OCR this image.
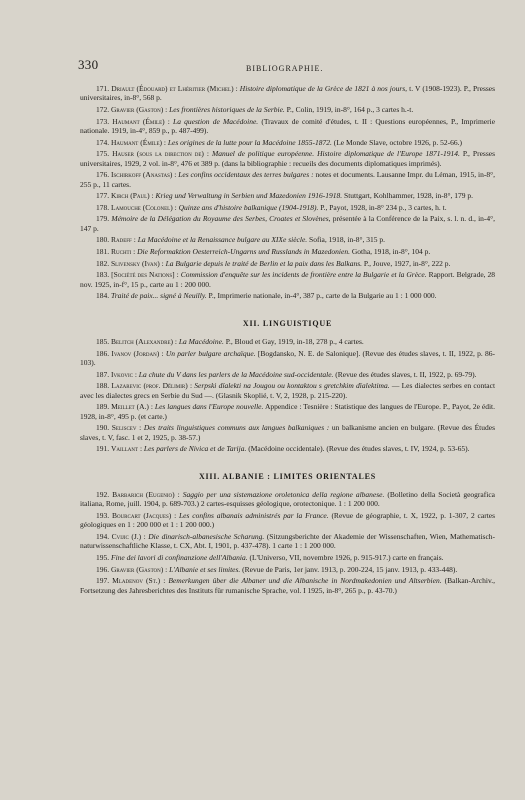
330	BIBLIOGRAPHIE.

171. Driault (Édouard) et Lhéritier (Michel) : Histoire diplomatique de la Grèce de 1821 à nos jours, t. V (1908-1923). P., Presses universitaires, in-8°, 568 p.

172. Gravier (Gaston) : Les frontières historiques de la Serbie. P., Colin, 1919, in-8°, 164 p., 3 cartes h.-t.

173. Haumant (Émile) : La question de Macédoine. (Travaux de comité d'études, t. II : Questions européennes, P., Imprimerie nationale. 1919, in-4°, 859 p., p. 487-499).

174. Haumant (Émile) : Les origines de la lutte pour la Macédoine 1855-1872. (Le Monde Slave, octobre 1926, p. 52-66.)

175. Hauser (sous la direction de) : Manuel de politique européenne. Histoire diplomatique de l'Europe 1871-1914. P., Presses universitaires, 1929, 2 vol. in-8°, 476 et 389 p. (dans la bibliographie : recueils des documents diplomatiques imprimés).

176. Ischirkoff (Anastas) : Les confins occidentaux des terres bulgares : notes et documents. Lausanne Impr. du Léman, 1915, in-8°, 255 p., 11 cartes.

177. Kirch (Paul) : Krieg und Verwaltung in Serbien und Mazedonien 1916-1918. Stuttgart, Kohlhammer, 1928, in-8°, 179 p.

178. Lamouche (Colonel) : Quinze ans d'histoire balkanique (1904-1918). P., Payot, 1928, in-8° 234 p., 3 cartes, h. t.

179. Mémoire de la Délégation du Royaume des Serbes, Croates et Slovènes, présentée à la Conférence de la Paix, s. l. n. d., in-4°, 147 p.

180. Radeff : La Macédoine et la Renaissance bulgare au XIXe siècle. Sofia, 1918, in-8°, 315 p.

181. Ruchti : Die Reformaktion Oesterreich-Ungarns und Russlands in Mazedonien. Gotha, 1918, in-8°, 104 p.

182. Slivensky (Ivan) : La Bulgarie depuis le traité de Berlin et la paix dans les Balkans. P., Jouve, 1927, in-8°, 222 p.

183. [Société des Nations] : Commission d'enquête sur les incidents de frontière entre la Bulgarie et la Grèce. Rapport. Belgrade, 28 nov. 1925, in-f°, 15 p., carte au 1 : 200 000.

184. Traité de paix... signé à Neuilly. P., Imprimerie nationale, in-4°, 387 p., carte de la Bulgarie au 1 : 1 000 000.

XII. LINGUISTIQUE

185. Belitch (Alexandre) : La Macédoine. P., Bloud et Gay, 1919, in-18, 278 p., 4 cartes.

186. Ivanov (Jordan) : Un parler bulgare archaïque. [Bogdansko, N. E. de Salonique]. (Revue des études slaves, t. II, 1922, p. 86-103).

187. Ivkovic : La chute du V dans les parlers de la Macédoine sud-occidentale. (Revue des études slaves, t. II, 1922, p. 69-79).

188. Lazarevic (prof. Dělimir) : Serpski dïalekti na Jougou ou kontaktou s gretchkim dïalektima. — Les dialectes serbes en contact avec les dialectes grecs en Serbie du Sud —. (Glasnik Skoplié, t. V, 2, 1928, p. 215-220).

189. Meillet (A.) : Les langues dans l'Europe nouvelle. Appendice : Tesnière : Statistique des langues de l'Europe. P., Payot, 2e édit. 1928, in-8°, 495 p. (et carte.)

190. Seliscev : Des traits linguistiques communs aux langues balkaniques : un balkanisme ancien en bulgare. (Revue des Études slaves, t. V, fasc. 1 et 2, 1925, p. 38-57.)

191. Vaillant : Les parlers de Nivica et de Tarija. (Macédoine occidentale). (Revue des études slaves, t. IV, 1924, p. 53-65).

XIII. ALBANIE : LIMITES ORIENTALES

192. Barbarich (Eugenio) : Saggio per una sistemazione oroletonica della regione albanese. (Bolletino della Società geografica italiana, Rome, juill. 1904, p. 689-703.) 2 cartes-esquisses géologique, orotectonique. 1 : 1 200 000.

193. Bourcart (Jacques) : Les confins albanais administrés par la France. (Revue de géographie, t. X, 1922, p. 1-307, 2 cartes géologiques en 1 : 200 000 et 1 : 1 200 000.)

194. Cvijic (J.) : Die dinarisch-albanesische Scharung. (Sitzungsberichte der Akademie der Wissenschaften, Wien, Mathematisch-naturwissenschaftliche Klasse, t. CX, Abt. I, 1901, p. 437-478). 1 carte 1 : 1 200 000.

195. Fine dei lavori di confinanzione dell'Albania. (L'Universo, VII, novembre 1926, p. 915-917.) carte en français.

196. Gravier (Gaston) : L'Albanie et ses limites. (Revue de Paris, 1er janv. 1913, p. 200-224, 15 janv. 1913, p. 433-448).

197. Mladenov (St.) : Bemerkungen über die Albaner und die Albanische in Nordmakedonien und Altserbien. (Balkan-Archiv., Fortsetzung des Jahresberichtes des Instituts für rumanische Sprache, vol. I 1925, in-8°, 265 p., p. 43-70.)
